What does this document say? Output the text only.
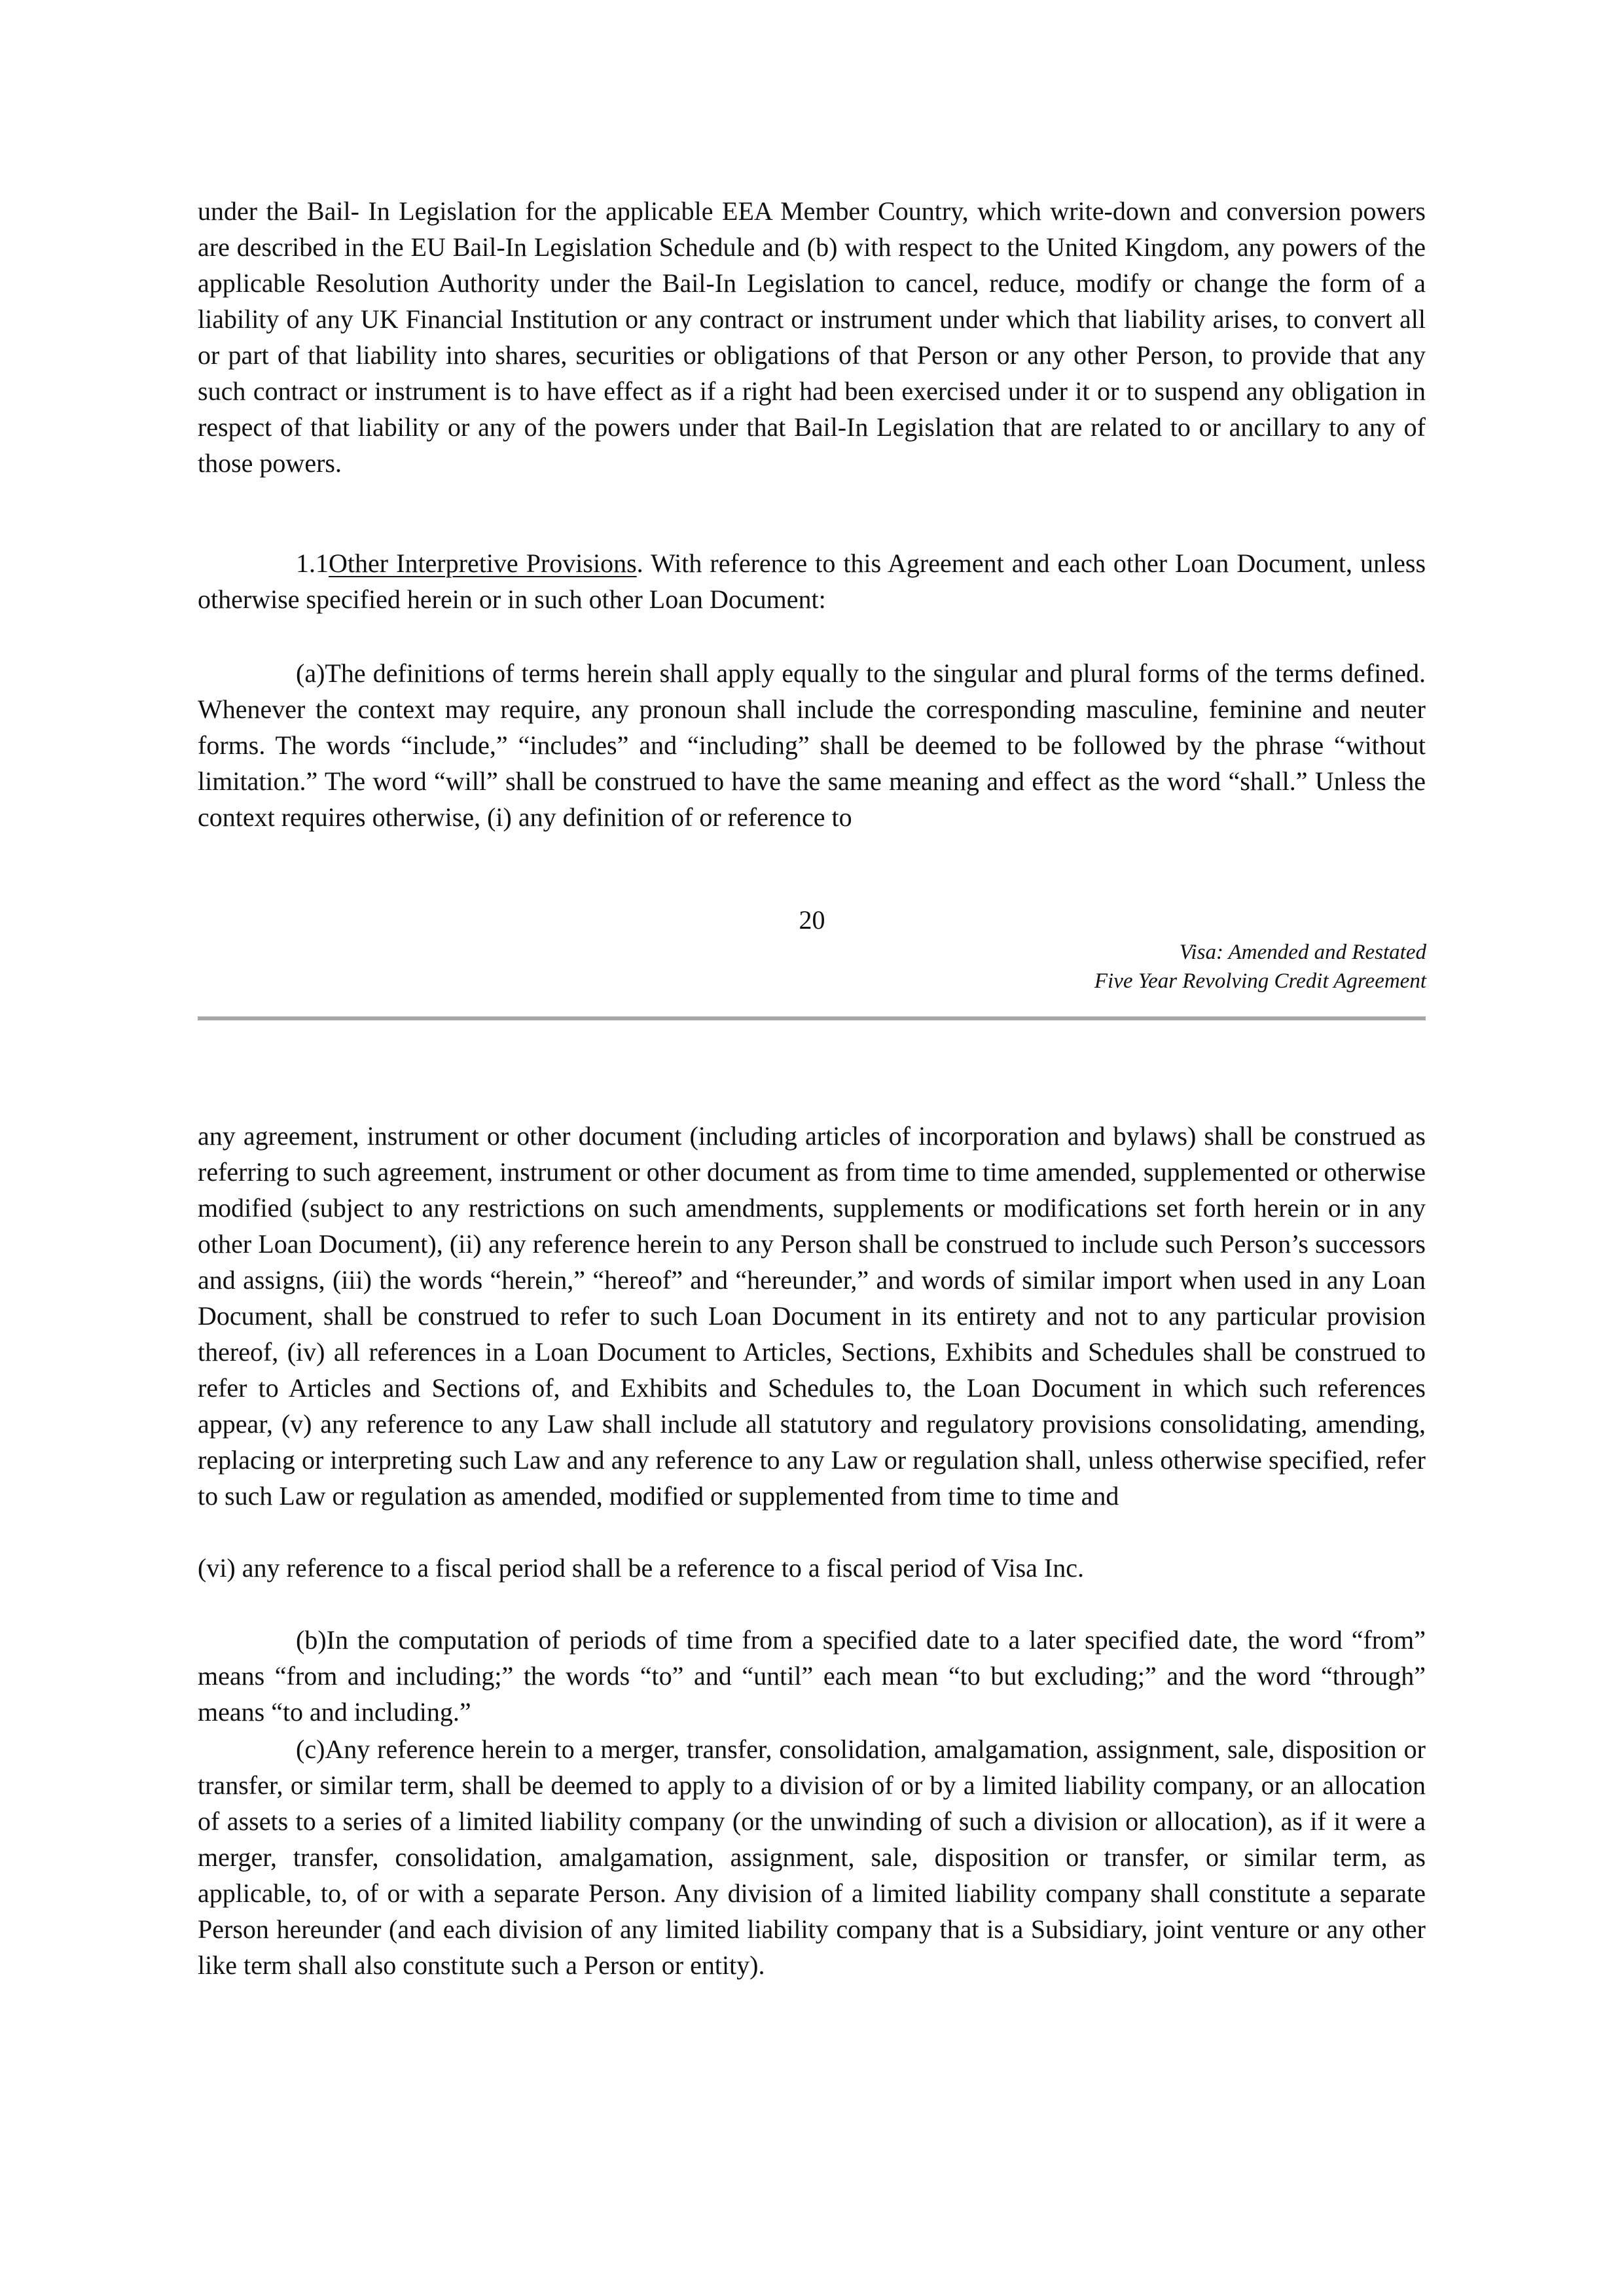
under the Bail- In Legislation for the applicable EEA Member Country, which write-down and conversion powers are described in the EU Bail-In Legislation Schedule and (b) with respect to the United Kingdom, any powers of the applicable Resolution Authority under the Bail-In Legislation to cancel, reduce, modify or change the form of a liability of any UK Financial Institution or any contract or instrument under which that liability arises, to convert all or part of that liability into shares, securities or obligations of that Person or any other Person, to provide that any such contract or instrument is to have effect as if a right had been exercised under it or to suspend any obligation in respect of that liability or any of the powers under that Bail-In Legislation that are related to or ancillary to any of those powers.

1.1Other Interpretive Provisions. With reference to this Agreement and each other Loan Document, unless otherwise specified herein or in such other Loan Document:

(a)The definitions of terms herein shall apply equally to the singular and plural forms of the terms defined. Whenever the context may require, any pronoun shall include the corresponding masculine, feminine and neuter forms. The words “include,” “includes” and “including” shall be deemed to be followed by the phrase “without limitation.” The word “will” shall be construed to have the same meaning and effect as the word “shall.” Unless the context requires otherwise, (i) any definition of or reference to

20
Visa: Amended and Restated
Five Year Revolving Credit Agreement

any agreement, instrument or other document (including articles of incorporation and bylaws) shall be construed as referring to such agreement, instrument or other document as from time to time amended, supplemented or otherwise modified (subject to any restrictions on such amendments, supplements or modifications set forth herein or in any other Loan Document), (ii) any reference herein to any Person shall be construed to include such Person’s successors and assigns, (iii) the words “herein,” “hereof” and “hereunder,” and words of similar import when used in any Loan Document, shall be construed to refer to such Loan Document in its entirety and not to any particular provision thereof, (iv) all references in a Loan Document to Articles, Sections, Exhibits and Schedules shall be construed to refer to Articles and Sections of, and Exhibits and Schedules to, the Loan Document in which such references appear, (v) any reference to any Law shall include all statutory and regulatory provisions consolidating, amending, replacing or interpreting such Law and any reference to any Law or regulation shall, unless otherwise specified, refer to such Law or regulation as amended, modified or supplemented from time to time and

(vi) any reference to a fiscal period shall be a reference to a fiscal period of Visa Inc.

(b)In the computation of periods of time from a specified date to a later specified date, the word “from” means “from and including;” the words “to” and “until” each mean “to but excluding;” and the word “through” means “to and including.”

(c)Any reference herein to a merger, transfer, consolidation, amalgamation, assignment, sale, disposition or transfer, or similar term, shall be deemed to apply to a division of or by a limited liability company, or an allocation of assets to a series of a limited liability company (or the unwinding of such a division or allocation), as if it were a merger, transfer, consolidation, amalgamation, assignment, sale, disposition or transfer, or similar term, as applicable, to, of or with a separate Person. Any division of a limited liability company shall constitute a separate Person hereunder (and each division of any limited liability company that is a Subsidiary, joint venture or any other like term shall also constitute such a Person or entity).
